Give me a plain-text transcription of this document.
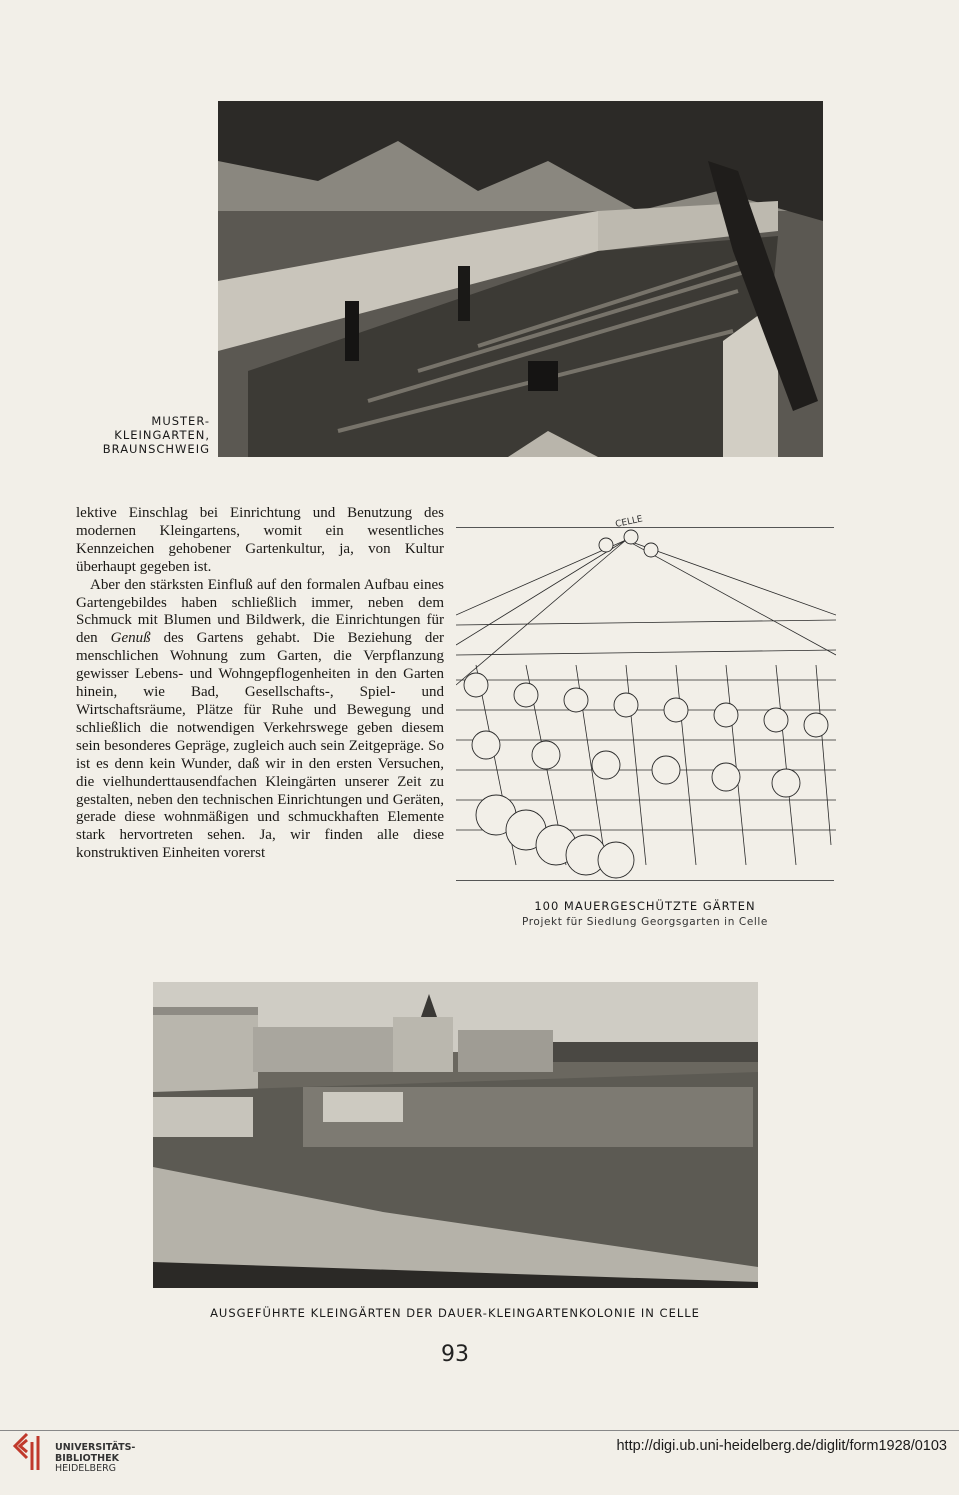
MUSTER-
KLEINGARTEN,
BRAUNSCHWEIG

lektive Einschlag bei Einrichtung und Benutzung des modernen Kleingartens, womit ein wesentliches Kennzeichen gehobener Gartenkultur, ja, von Kultur überhaupt gegeben ist.

Aber den stärksten Einfluß auf den formalen Aufbau eines Gartengebildes haben schließlich immer, neben dem Schmuck mit Blumen und Bildwerk, die Einrichtungen für den Genuß des Gartens gehabt. Die Beziehung der menschlichen Wohnung zum Garten, die Verpflanzung gewisser Lebens- und Wohngepflogenheiten in den Garten hinein, wie Bad, Gesellschafts-, Spiel- und Wirtschaftsräume, Plätze für Ruhe und Bewegung und schließlich die notwendigen Verkehrswege geben diesem sein besonderes Gepräge, zugleich auch sein Zeitgepräge. So ist es denn kein Wunder, daß wir in den ersten Versuchen, die vielhunderttausendfachen Kleingärten unserer Zeit zu gestalten, neben den technischen Einrichtungen und Geräten, gerade diese wohnmäßigen und schmuckhaften Elemente stark hervortreten sehen. Ja, wir finden alle diese konstruktiven Einheiten vorerst

CELLE
100 MAUERGESCHÜTZTE GÄRTEN
Projekt für Siedlung Georgsgarten in Celle
AUSGEFÜHRTE KLEINGÄRTEN DER DAUER-KLEINGARTENKOLONIE IN CELLE
93
UNIVERSITÄTS-
BIBLIOTHEK
HEIDELBERG
http://digi.ub.uni-heidelberg.de/diglit/form1928/0103
